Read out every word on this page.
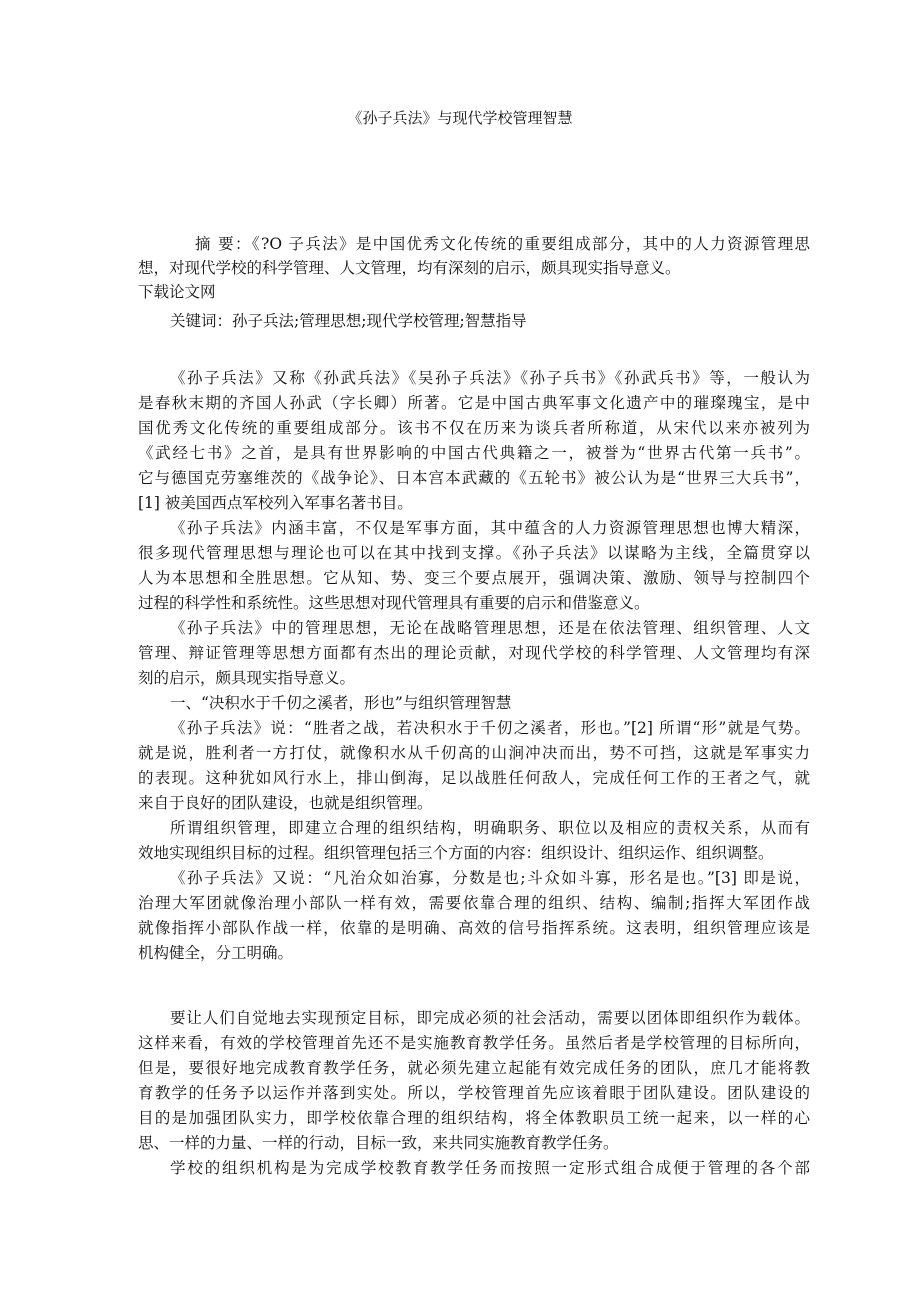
《孙子兵法》与现代学校管理智慧
摘 要：《?O 子兵法》是中国优秀文化传统的重要组成部分，其中的人力资源管理思
想，对现代学校的科学管理、人文管理，均有深刻的启示，颇具现实指导意义。
下载论文网
关键词：孙子兵法;管理思想;现代学校管理;智慧指导
《孙子兵法》又称《孙武兵法》《吴孙子兵法》《孙子兵书》《孙武兵书》等，一般认为
是春秋末期的齐国人孙武（字长卿）所著。它是中国古典军事文化遗产中的璀璨瑰宝，是中
国优秀文化传统的重要组成部分。该书不仅在历来为谈兵者所称道，从宋代以来亦被列为
《武经七书》之首，是具有世界影响的中国古代典籍之一，被誉为“世界古代第一兵书”。
它与德国克劳塞维茨的《战争论》、日本宫本武藏的《五轮书》被公认为是“世界三大兵书”，
[1] 被美国西点军校列入军事名著书目。
《孙子兵法》内涵丰富，不仅是军事方面，其中蕴含的人力资源管理思想也博大精深，
很多现代管理思想与理论也可以在其中找到支撑。《孙子兵法》以谋略为主线，全篇贯穿以
人为本思想和全胜思想。它从知、势、变三个要点展开，强调决策、激励、领导与控制四个
过程的科学性和系统性。这些思想对现代管理具有重要的启示和借鉴意义。
《孙子兵法》中的管理思想，无论在战略管理思想，还是在依法管理、组织管理、人文
管理、辩证管理等思想方面都有杰出的理论贡献，对现代学校的科学管理、人文管理均有深
刻的启示，颇具现实指导意义。
一、“决积水于千仞之溪者，形也”与组织管理智慧
《孙子兵法》说：“胜者之战，若决积水于千仞之溪者，形也。”[2] 所谓“形”就是气势。
就是说，胜利者一方打仗，就像积水从千仞高的山涧冲决而出，势不可挡，这就是军事实力
的表现。这种犹如风行水上，排山倒海，足以战胜任何敌人，完成任何工作的王者之气，就
来自于良好的团队建设，也就是组织管理。
所谓组织管理，即建立合理的组织结构，明确职务、职位以及相应的责权关系，从而有
效地实现组织目标的过程。组织管理包括三个方面的内容：组织设计、组织运作、组织调整。
《孙子兵法》又说：“凡治众如治寡，分数是也;斗众如斗寡，形名是也。”[3] 即是说，
治理大军团就像治理小部队一样有效，需要依靠合理的组织、结构、编制;指挥大军团作战
就像指挥小部队作战一样，依靠的是明确、高效的信号指挥系统。这表明，组织管理应该是
机构健全，分工明确。
要让人们自觉地去实现预定目标，即完成必须的社会活动，需要以团体即组织作为载体。
这样来看，有效的学校管理首先还不是实施教育教学任务。虽然后者是学校管理的目标所向，
但是，要很好地完成教育教学任务，就必须先建立起能有效完成任务的团队，庶几才能将教
育教学的任务予以运作并落到实处。所以，学校管理首先应该着眼于团队建设。团队建设的
目的是加强团队实力，即学校依靠合理的组织结构，将全体教职员工统一起来，以一样的心
思、一样的力量、一样的行动，目标一致，来共同实施教育教学任务。
学校的组织机构是为完成学校教育教学任务而按照一定形式组合成便于管理的各个部
